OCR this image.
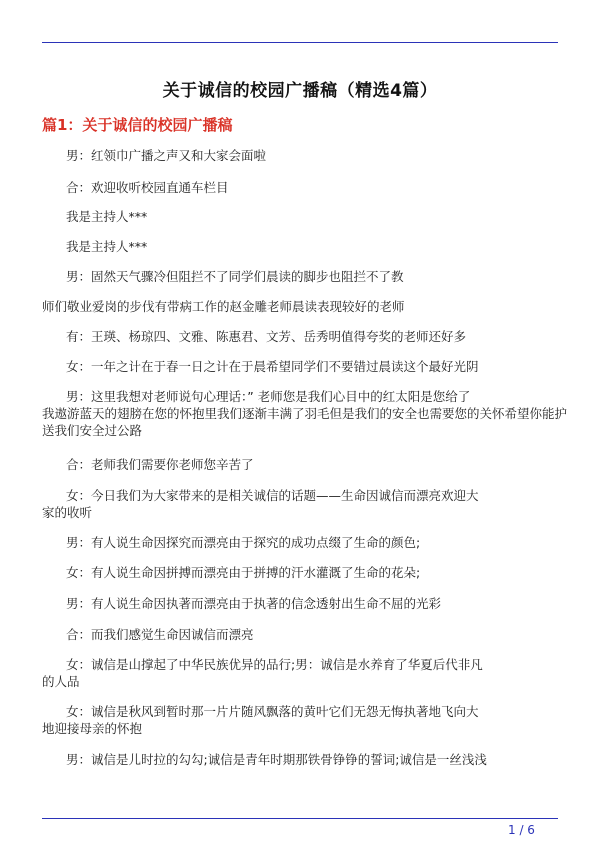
关于诚信的校园广播稿（精选4篇）
篇1：关于诚信的校园广播稿
男：红领巾广播之声又和大家会面啦
合：欢迎收听校园直通车栏目
我是主持人***
我是主持人***
男：固然天气骤冷但阻拦不了同学们晨读的脚步也阻拦不了教
师们敬业爱岗的步伐有带病工作的赵金雕老师晨读表现较好的老师
有：王瑛、杨琼四、文雅、陈惠君、文芳、岳秀明值得夸奖的老师还好多
女：一年之计在于春一日之计在于晨希望同学们不要错过晨读这个最好光阴
男：这里我想对老师说句心理话：” 老师您是我们心目中的红太阳是您给了
我遨游蓝天的翅膀在您的怀抱里我们逐渐丰满了羽毛但是我们的安全也需要您的关怀希望你能护
送我们安全过公路
合：老师我们需要你老师您辛苦了
女：今日我们为大家带来的是相关诚信的话题——生命因诚信而漂亮欢迎大
家的收听
男：有人说生命因探究而漂亮由于探究的成功点缀了生命的颜色;
女：有人说生命因拼搏而漂亮由于拼搏的汗水灌溉了生命的花朵;
男：有人说生命因执著而漂亮由于执著的信念透射出生命不屈的光彩
合：而我们感觉生命因诚信而漂亮
女：诚信是山撑起了中华民族优异的品行;男：诚信是水养育了华夏后代非凡
的人品
女：诚信是秋风到暂时那一片片随风飘落的黄叶它们无怨无悔执著地飞向大
地迎接母亲的怀抱
男：诚信是儿时拉的勾勾;诚信是青年时期那铁骨铮铮的誓词;诚信是一丝浅浅
1 / 6
